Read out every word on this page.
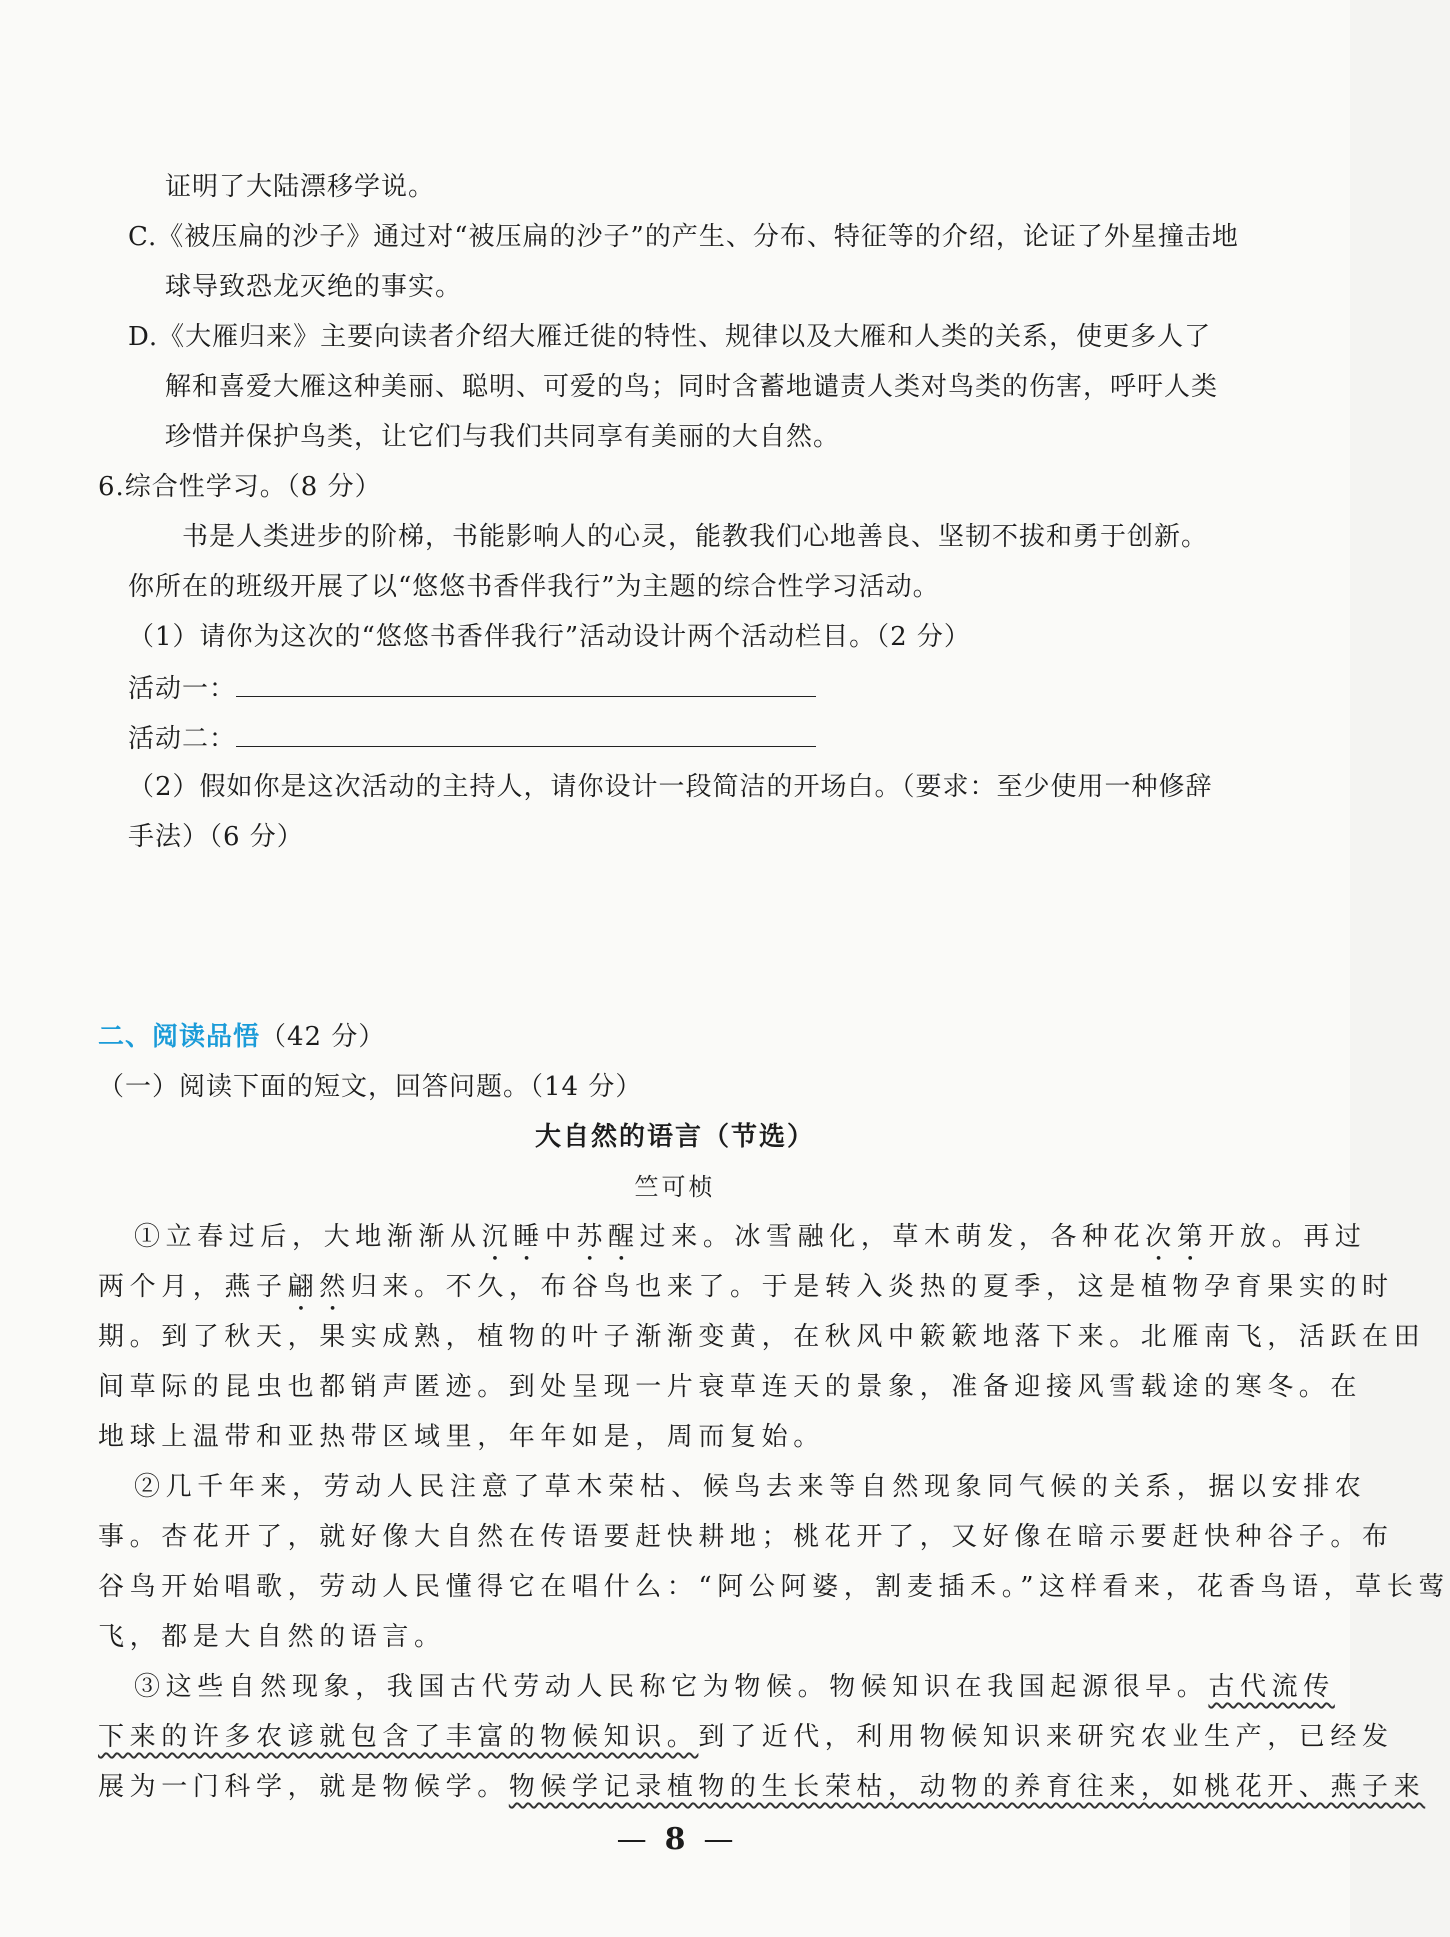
证明了大陆漂移学说。
C.《被压扁的沙子》通过对“被压扁的沙子”的产生、分布、特征等的介绍，论证了外星撞击地
球导致恐龙灭绝的事实。
D.《大雁归来》主要向读者介绍大雁迁徙的特性、规律以及大雁和人类的关系，使更多人了
解和喜爱大雁这种美丽、聪明、可爱的鸟；同时含蓄地谴责人类对鸟类的伤害，呼吁人类
珍惜并保护鸟类，让它们与我们共同享有美丽的大自然。
6.综合性学习。（8 分）
书是人类进步的阶梯，书能影响人的心灵，能教我们心地善良、坚韧不拔和勇于创新。
你所在的班级开展了以“悠悠书香伴我行”为主题的综合性学习活动。
（1）请你为这次的“悠悠书香伴我行”活动设计两个活动栏目。（2 分）
活动一：
活动二：
（2）假如你是这次活动的主持人，请你设计一段简洁的开场白。（要求：至少使用一种修辞
手法）（6 分）
二、阅读品悟（42 分）
（一）阅读下面的短文，回答问题。（14 分）
大自然的语言（节选）
竺可桢
①立春过后，大地渐渐从沉睡中苏醒过来。冰雪融化，草木萌发，各种花次第开放。再过
两个月，燕子翩然归来。不久，布谷鸟也来了。于是转入炎热的夏季，这是植物孕育果实的时
期。到了秋天，果实成熟，植物的叶子渐渐变黄，在秋风中簌簌地落下来。北雁南飞，活跃在田
间草际的昆虫也都销声匿迹。到处呈现一片衰草连天的景象，准备迎接风雪载途的寒冬。在
地球上温带和亚热带区域里，年年如是，周而复始。
②几千年来，劳动人民注意了草木荣枯、候鸟去来等自然现象同气候的关系，据以安排农
事。杏花开了，就好像大自然在传语要赶快耕地；桃花开了，又好像在暗示要赶快种谷子。布
谷鸟开始唱歌，劳动人民懂得它在唱什么：“阿公阿婆，割麦插禾。”这样看来，花香鸟语，草长莺
飞，都是大自然的语言。
③这些自然现象，我国古代劳动人民称它为物候。物候知识在我国起源很早。古代流传
下来的许多农谚就包含了丰富的物候知识。到了近代，利用物候知识来研究农业生产，已经发
展为一门科学，就是物候学。物候学记录植物的生长荣枯，动物的养育往来，如桃花开、燕子来
— 8 —
